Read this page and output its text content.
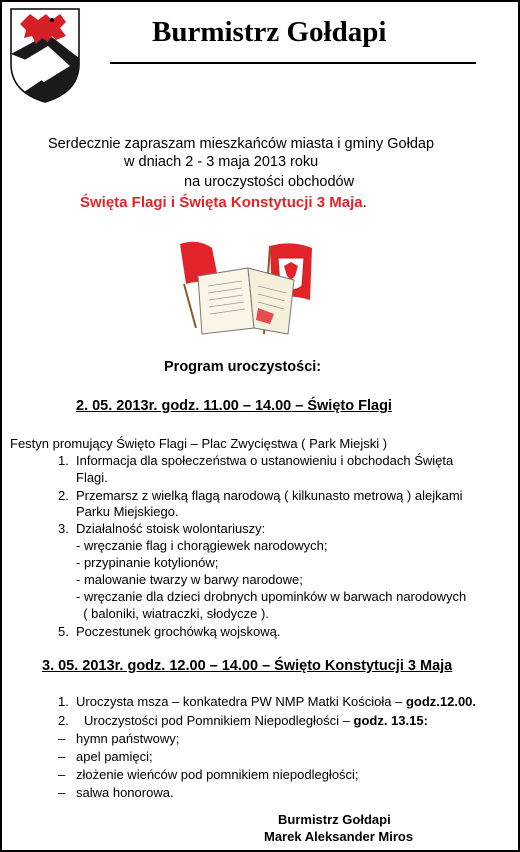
Burmistrz Gołdapi
Serdecznie zapraszam mieszkańców miasta i gminy Gołdap
w dniach 2 - 3 maja 2013 roku
na uroczystości obchodów
Święta Flagi i Święta Konstytucji 3 Maja.
Program uroczystości:
2. 05. 2013r. godz. 11.00 – 14.00 – Święto Flagi
Festyn promujący Święto Flagi – Plac Zwycięstwa ( Park Miejski )
1. Informacja dla społeczeństwa o ustanowieniu i obchodach Święta
Flagi.
2. Przemarsz z wielką flagą narodową ( kilkunasto metrową ) alejkami
Parku Miejskiego.
3. Działalność stoisk wolontariuszy:
- wręczanie flag i chorągiewek narodowych;
- przypinanie kotylionów;
- malowanie twarzy w barwy narodowe;
- wręczanie dla dzieci drobnych upominków w barwach narodowych
( baloniki, wiatraczki, słodycze ).
5. Poczestunek grochówką wojskową.
3. 05. 2013r. godz. 12.00 – 14.00 – Święto Konstytucji 3 Maja
1. Uroczysta msza – konkatedra PW NMP Matki Kościoła – godz.12.00.
2. Uroczystości pod Pomnikiem Niepodległości – godz. 13.15:
– hymn państwowy;
– apel pamięci;
– złożenie wieńców pod pomnikiem niepodległości;
– salwa honorowa.
Burmistrz Gołdapi
Marek Aleksander Miros
